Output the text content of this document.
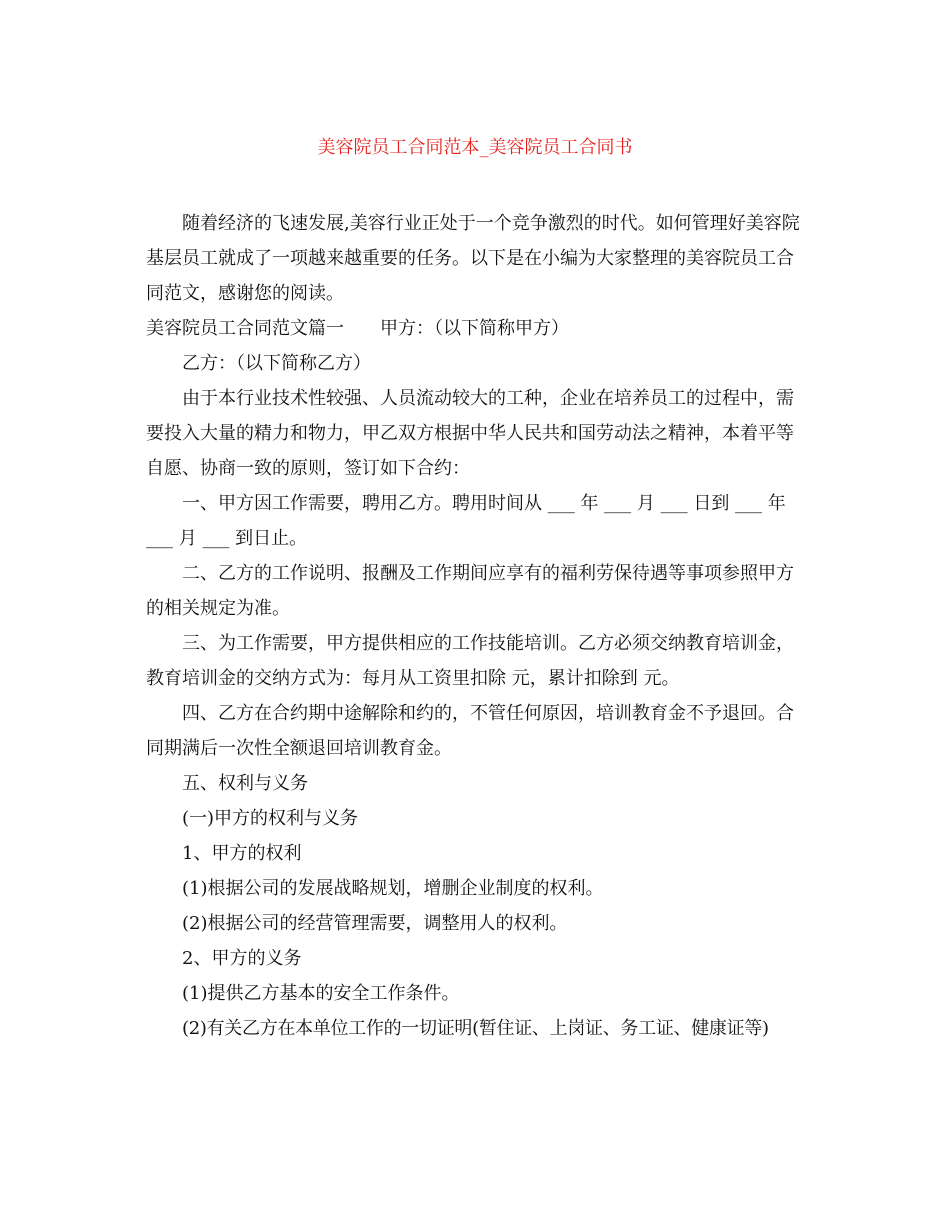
美容院员工合同范本_美容院员工合同书

随着经济的飞速发展,美容行业正处于一个竞争激烈的时代。如何管理好美容院基层员工就成了一项越来越重要的任务。以下是在小编为大家整理的美容院员工合同范文，感谢您的阅读。

美容院员工合同范文篇一　　甲方：（以下简称甲方）

乙方：（以下简称乙方）

由于本行业技术性较强、人员流动较大的工种，企业在培养员工的过程中，需要投入大量的精力和物力，甲乙双方根据中华人民共和国劳动法之精神，本着平等自愿、协商一致的原则，签订如下合约：

一、甲方因工作需要，聘用乙方。聘用时间从 ___ 年 ___ 月 ___ 日到 ___ 年 ___ 月 ___ 到日止。

二、乙方的工作说明、报酬及工作期间应享有的福利劳保待遇等事项参照甲方的相关规定为准。

三、为工作需要，甲方提供相应的工作技能培训。乙方必须交纳教育培训金，教育培训金的交纳方式为：每月从工资里扣除 元，累计扣除到 元。

四、乙方在合约期中途解除和约的，不管任何原因，培训教育金不予退回。合同期满后一次性全额退回培训教育金。

五、权利与义务

(一)甲方的权利与义务

1、甲方的权利

(1)根据公司的发展战略规划，增删企业制度的权利。

(2)根据公司的经营管理需要，调整用人的权利。

2、甲方的义务

(1)提供乙方基本的安全工作条件。

(2)有关乙方在本单位工作的一切证明(暂住证、上岗证、务工证、健康证等)
